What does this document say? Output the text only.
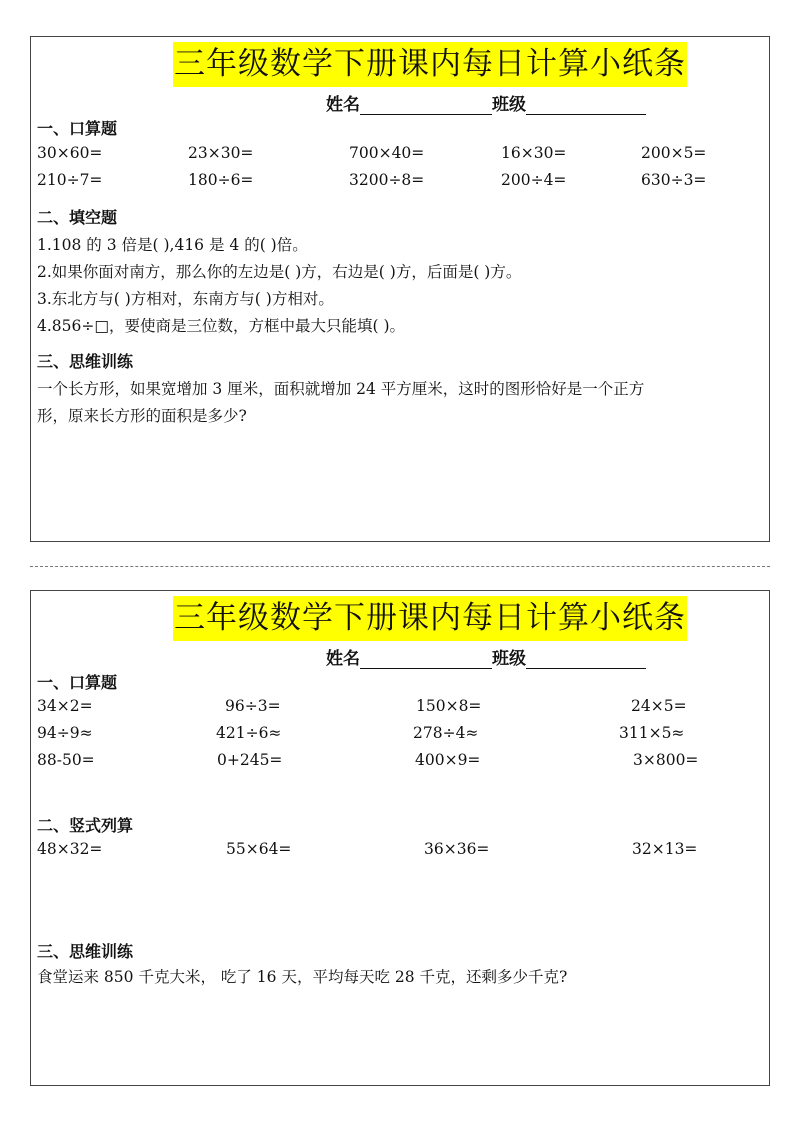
三年级数学下册课内每日计算小纸条
姓名	班级
一、口算题
30×60=	23×30=	700×40=	16×30=	200×5=
210÷7=	180÷6=	3200÷8=	200÷4=	630÷3=
二、填空题
1.108 的 3 倍是( ),416 是 4 的( )倍。
2.如果你面对南方，那么你的左边是( )方，右边是( )方，后面是( )方。
3.东北方与( )方相对，东南方与( )方相对。
4.856÷□，要使商是三位数，方框中最大只能填( )。
三、思维训练
一个长方形，如果宽增加 3 厘米，面积就增加 24 平方厘米，这时的图形恰好是一个正方
形，原来长方形的面积是多少?
三年级数学下册课内每日计算小纸条
姓名	班级
一、口算题
34×2=	96÷3=	150×8=	24×5=
94÷9≈	421÷6≈	278÷4≈	311×5≈
88-50=	0+245=	400×9=	3×800=
二、竖式列算
48×32=	55×64=	36×36=	32×13=
三、思维训练
食堂运来 850 千克大米， 吃了 16 天，平均每天吃 28 千克，还剩多少千克?
